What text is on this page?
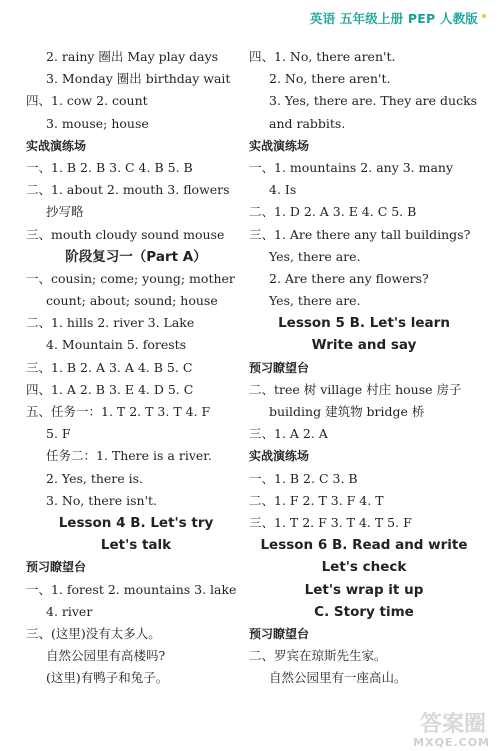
英语 五年级上册 PEP 人教版
2. rainy 圈出 May play days
3. Monday 圈出 birthday wait
四、1. cow 2. count
3. mouse; house
实战演练场
一、1. B 2. B 3. C 4. B 5. B
二、1. about 2. mouth 3. flowers
抄写略
三、mouth cloudy sound mouse
阶段复习一（Part A）
一、cousin; come; young; mother
count; about; sound; house
二、1. hills 2. river 3. Lake
4. Mountain 5. forests
三、1. B 2. A 3. A 4. B 5. C
四、1. A 2. B 3. E 4. D 5. C
五、任务一：1. T 2. T 3. T 4. F
5. F
任务二：1. There is a river.
2. Yes, there is.
3. No, there isn't.
Lesson 4 B. Let's try
Let's talk
预习瞭望台
一、1. forest 2. mountains 3. lake
4. river
三、(这里)没有太多人。
自然公园里有高楼吗?
(这里)有鸭子和兔子。
四、1. No, there aren't.
2. No, there aren't.
3. Yes, there are. They are ducks
and rabbits.
实战演练场
一、1. mountains 2. any 3. many
4. Is
二、1. D 2. A 3. E 4. C 5. B
三、1. Are there any tall buildings?
Yes, there are.
2. Are there any flowers?
Yes, there are.
Lesson 5 B. Let's learn
Write and say
预习瞭望台
二、tree 树 village 村庄 house 房子
building 建筑物 bridge 桥
三、1. A 2. A
实战演练场
一、1. B 2. C 3. B
二、1. F 2. T 3. F 4. T
三、1. T 2. F 3. T 4. T 5. F
Lesson 6 B. Read and write
Let's check
Let's wrap it up
C. Story time
预习瞭望台
二、罗宾在琼斯先生家。
自然公园里有一座高山。
答案圈
MXQE.COM
